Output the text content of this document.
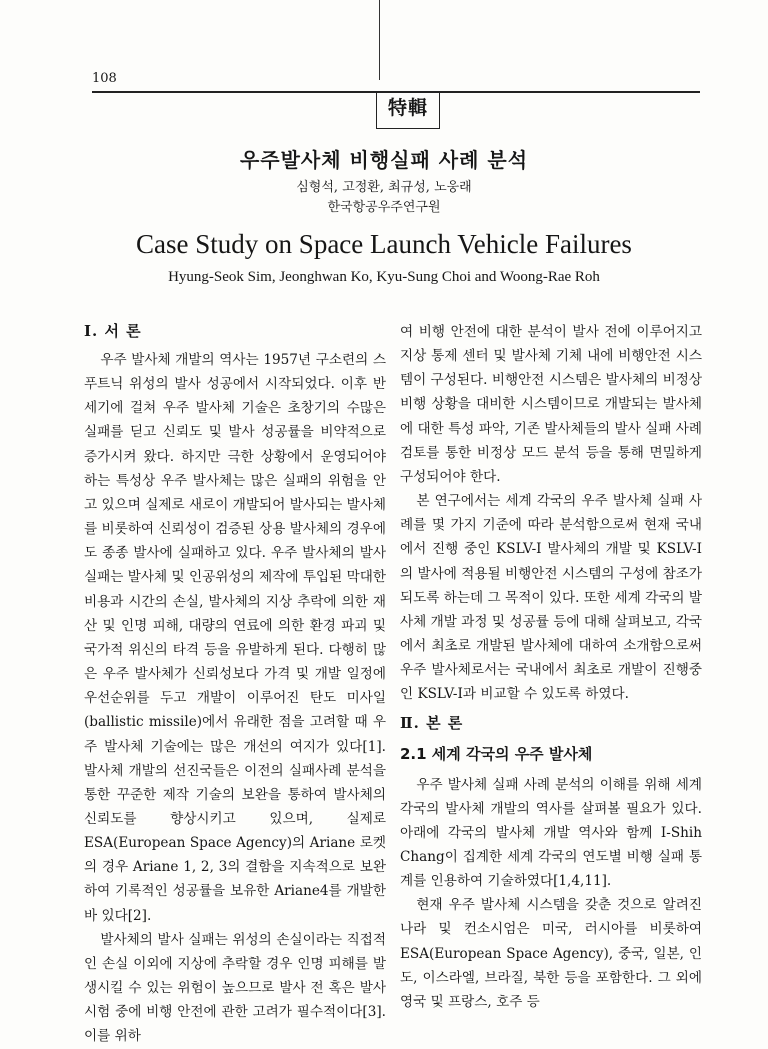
108
特輯
우주발사체 비행실패 사례 분석
심형석, 고정환, 최규성, 노웅래
한국항공우주연구원
Case Study on Space Launch Vehicle Failures
Hyung-Seok Sim, Jeonghwan Ko, Kyu-Sung Choi and Woong-Rae Roh

Ⅰ. 서 론

우주 발사체 개발의 역사는 1957년 구소련의 스푸트닉 위성의 발사 성공에서 시작되었다. 이후 반세기에 걸쳐 우주 발사체 기술은 초창기의 수많은 실패를 딛고 신뢰도 및 발사 성공률을 비약적으로 증가시켜 왔다. 하지만 극한 상황에서 운영되어야 하는 특성상 우주 발사체는 많은 실패의 위험을 안고 있으며 실제로 새로이 개발되어 발사되는 발사체를 비롯하여 신뢰성이 검증된 상용 발사체의 경우에도 종종 발사에 실패하고 있다. 우주 발사체의 발사 실패는 발사체 및 인공위성의 제작에 투입된 막대한 비용과 시간의 손실, 발사체의 지상 추락에 의한 재산 및 인명 피해, 대량의 연료에 의한 환경 파괴 및 국가적 위신의 타격 등을 유발하게 된다. 다행히 많은 우주 발사체가 신뢰성보다 가격 및 개발 일정에 우선순위를 두고 개발이 이루어진 탄도 미사일(ballistic missile)에서 유래한 점을 고려할 때 우주 발사체 기술에는 많은 개선의 여지가 있다[1]. 발사체 개발의 선진국들은 이전의 실패사례 분석을 통한 꾸준한 제작 기술의 보완을 통하여 발사체의 신뢰도를 향상시키고 있으며, 실제로 ESA(European Space Agency)의 Ariane 로켓의 경우 Ariane 1, 2, 3의 결함을 지속적으로 보완하여 기록적인 성공률을 보유한 Ariane4를 개발한 바 있다[2].

발사체의 발사 실패는 위성의 손실이라는 직접적인 손실 이외에 지상에 추락할 경우 인명 피해를 발생시킬 수 있는 위험이 높으므로 발사 전 혹은 발사 시험 중에 비행 안전에 관한 고려가 필수적이다[3]. 이를 위하

여 비행 안전에 대한 분석이 발사 전에 이루어지고 지상 통제 센터 및 발사체 기체 내에 비행안전 시스템이 구성된다. 비행안전 시스템은 발사체의 비정상 비행 상황을 대비한 시스템이므로 개발되는 발사체에 대한 특성 파악, 기존 발사체들의 발사 실패 사례 검토를 통한 비정상 모드 분석 등을 통해 면밀하게 구성되어야 한다.

본 연구에서는 세계 각국의 우주 발사체 실패 사례를 몇 가지 기준에 따라 분석함으로써 현재 국내에서 진행 중인 KSLV-I 발사체의 개발 및 KSLV-I의 발사에 적용될 비행안전 시스템의 구성에 참조가 되도록 하는데 그 목적이 있다. 또한 세계 각국의 발사체 개발 과정 및 성공률 등에 대해 살펴보고, 각국에서 최초로 개발된 발사체에 대하여 소개함으로써 우주 발사체로서는 국내에서 최초로 개발이 진행중인 KSLV-I과 비교할 수 있도록 하였다.

Ⅱ. 본 론

2.1 세계 각국의 우주 발사체

우주 발사체 실패 사례 분석의 이해를 위해 세계 각국의 발사체 개발의 역사를 살펴볼 필요가 있다. 아래에 각국의 발사체 개발 역사와 함께 I-Shih Chang이 집계한 세계 각국의 연도별 비행 실패 통계를 인용하여 기술하였다[1,4,11].

현재 우주 발사체 시스템을 갖춘 것으로 알려진 나라 및 컨소시엄은 미국, 러시아를 비롯하여 ESA(European Space Agency), 중국, 일본, 인도, 이스라엘, 브라질, 북한 등을 포함한다. 그 외에 영국 및 프랑스, 호주 등
